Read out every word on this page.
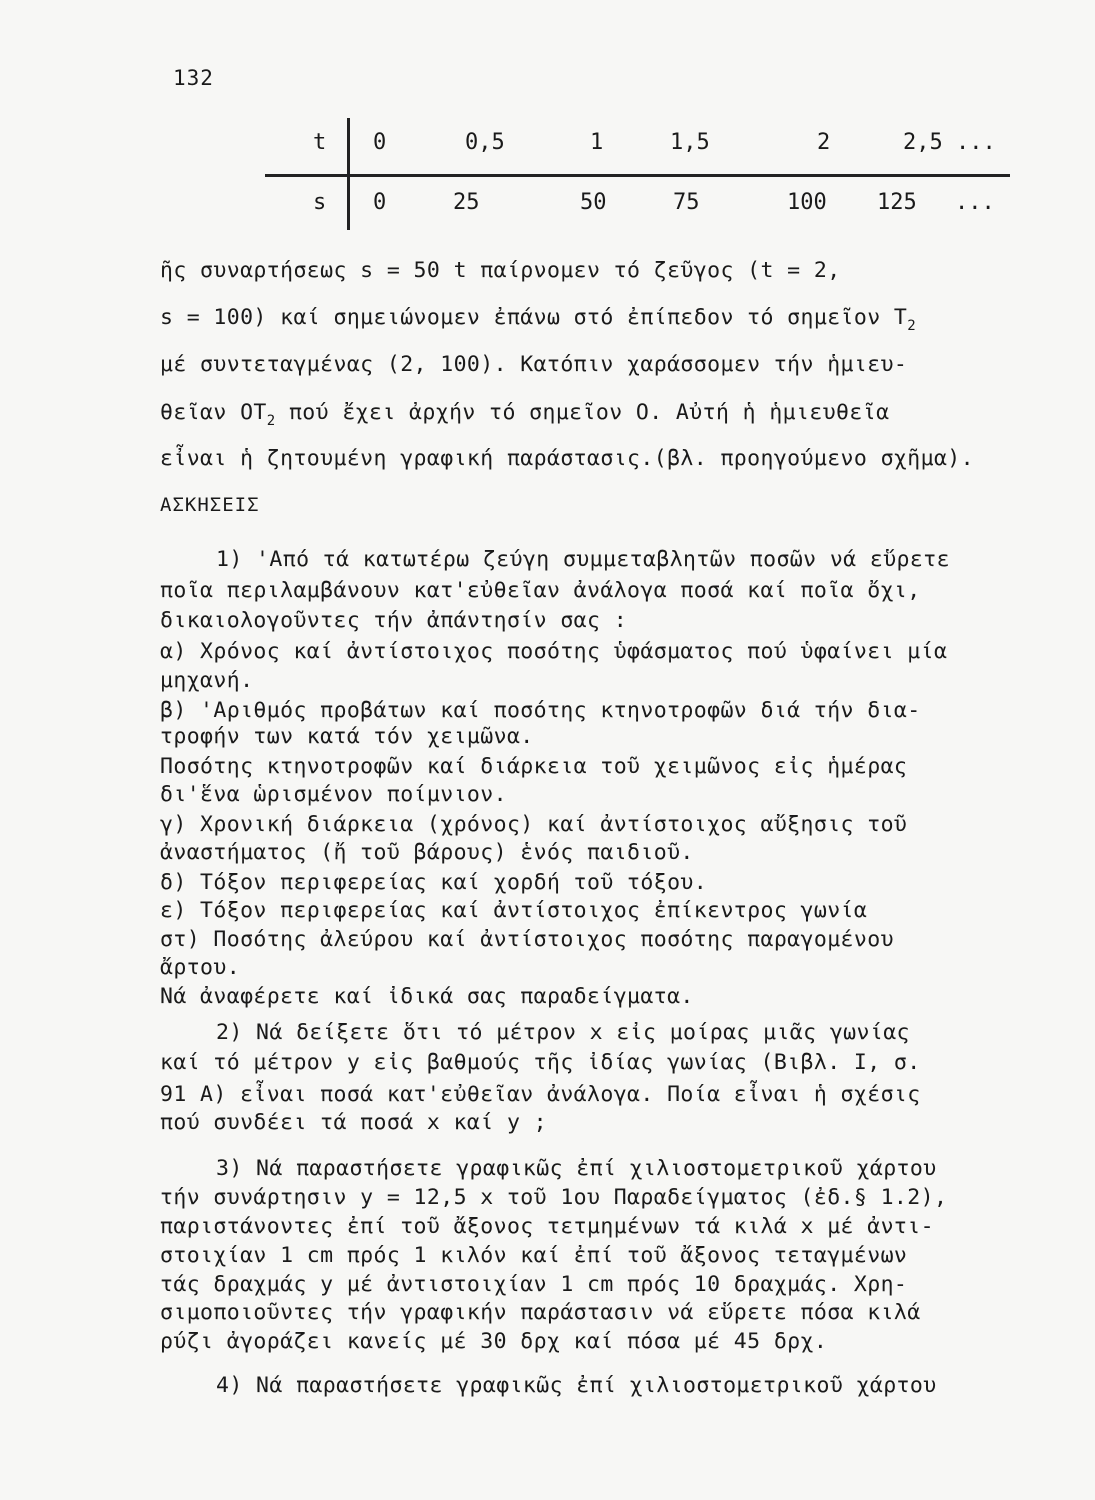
132
t 0	0,5	1	1,5	2	2,5 ...
s 0	25	50	75	100 125 ...
ῆς συναρτήσεως s = 50 t παίρνομεν τό ζεῦγος (t = 2,
s = 100) καί σημειώνομεν ἐπάνω στό ἐπίπεδον τό σημεῖον $T_2$
μέ συντεταγμένας (2, 100). Κατόπιν χαράσσομεν τήν ἡμιευ-
θεῖαν $OT_2$ πού ἔχει ἀρχήν τό σημεῖον Ο. Αὐτή ἡ ἡμιευθεῖα
εἶναι ἡ ζητουμένη γραφική παράστασις.(βλ. προηγούμενο σχῆμα).
ΑΣΚΗΣΕΙΣ
1) 'Από τά κατωτέρω ζεύγη συμμεταβλητῶν ποσῶν νά εὕρετε
ποῖα περιλαμβάνουν κατ'εὐθεῖαν ἀνάλογα ποσά καί ποῖα ὄχι,
δικαιολογοῦντες τήν ἀπάντησίν σας :
α) Χρόνος καί ἀντίστοιχος ποσότης ὑφάσματος πού ὑφαίνει μία
μηχανή.
β) 'Αριθμός προβάτων καί ποσότης κτηνοτροφῶν διά τήν δια-
τροφήν των κατά τόν χειμῶνα.
Ποσότης κτηνοτροφῶν καί διάρκεια τοῦ χειμῶνος εἰς ἡμέρας
δι'ἕνα ὡρισμένον ποίμνιον.
γ) Χρονική διάρκεια (χρόνος) καί ἀντίστοιχος αὔξησις τοῦ
ἀναστήματος (ἤ τοῦ βάρους) ἑνός παιδιοῦ.
δ) Τόξον περιφερείας καί χορδή τοῦ τόξου.
ε) Τόξον περιφερείας καί ἀντίστοιχος ἐπίκεντρος γωνία
στ) Ποσότης ἀλεύρου καί ἀντίστοιχος ποσότης παραγομένου
ἄρτου.
Νά ἀναφέρετε καί ἰδικά σας παραδείγματα.
2) Νά δείξετε ὅτι τό μέτρον x εἰς μοίρας μιᾶς γωνίας
καί τό μέτρον y εἰς βαθμούς τῆς ἰδίας γωνίας (Βιβλ. Ι, σ.
91 Α) εἶναι ποσά κατ'εὐθεῖαν ἀνάλογα. Ποία εἶναι ἡ σχέσις
πού συνδέει τά ποσά x καί y ;
3) Νά παραστήσετε γραφικῶς ἐπί χιλιοστομετρικοῦ χάρτου
τήν συνάρτησιν y = 12,5 x τοῦ 1ου Παραδείγματος (ἐδ.§ 1.2),
παριστάνοντες ἐπί τοῦ ἄξονος τετμημένων τά κιλά x μέ ἀντι-
στοιχίαν 1 cm πρός 1 κιλόν καί ἐπί τοῦ ἄξονος τεταγμένων
τάς δραχμάς y μέ ἀντιστοιχίαν 1 cm πρός 10 δραχμάς. Χρη-
σιμοποιοῦντες τήν γραφικήν παράστασιν νά εὕρετε πόσα κιλά
ρύζι ἀγοράζει κανείς μέ 30 δρχ καί πόσα μέ 45 δρχ.
4) Νά παραστήσετε γραφικῶς ἐπί χιλιοστομετρικοῦ χάρτου
